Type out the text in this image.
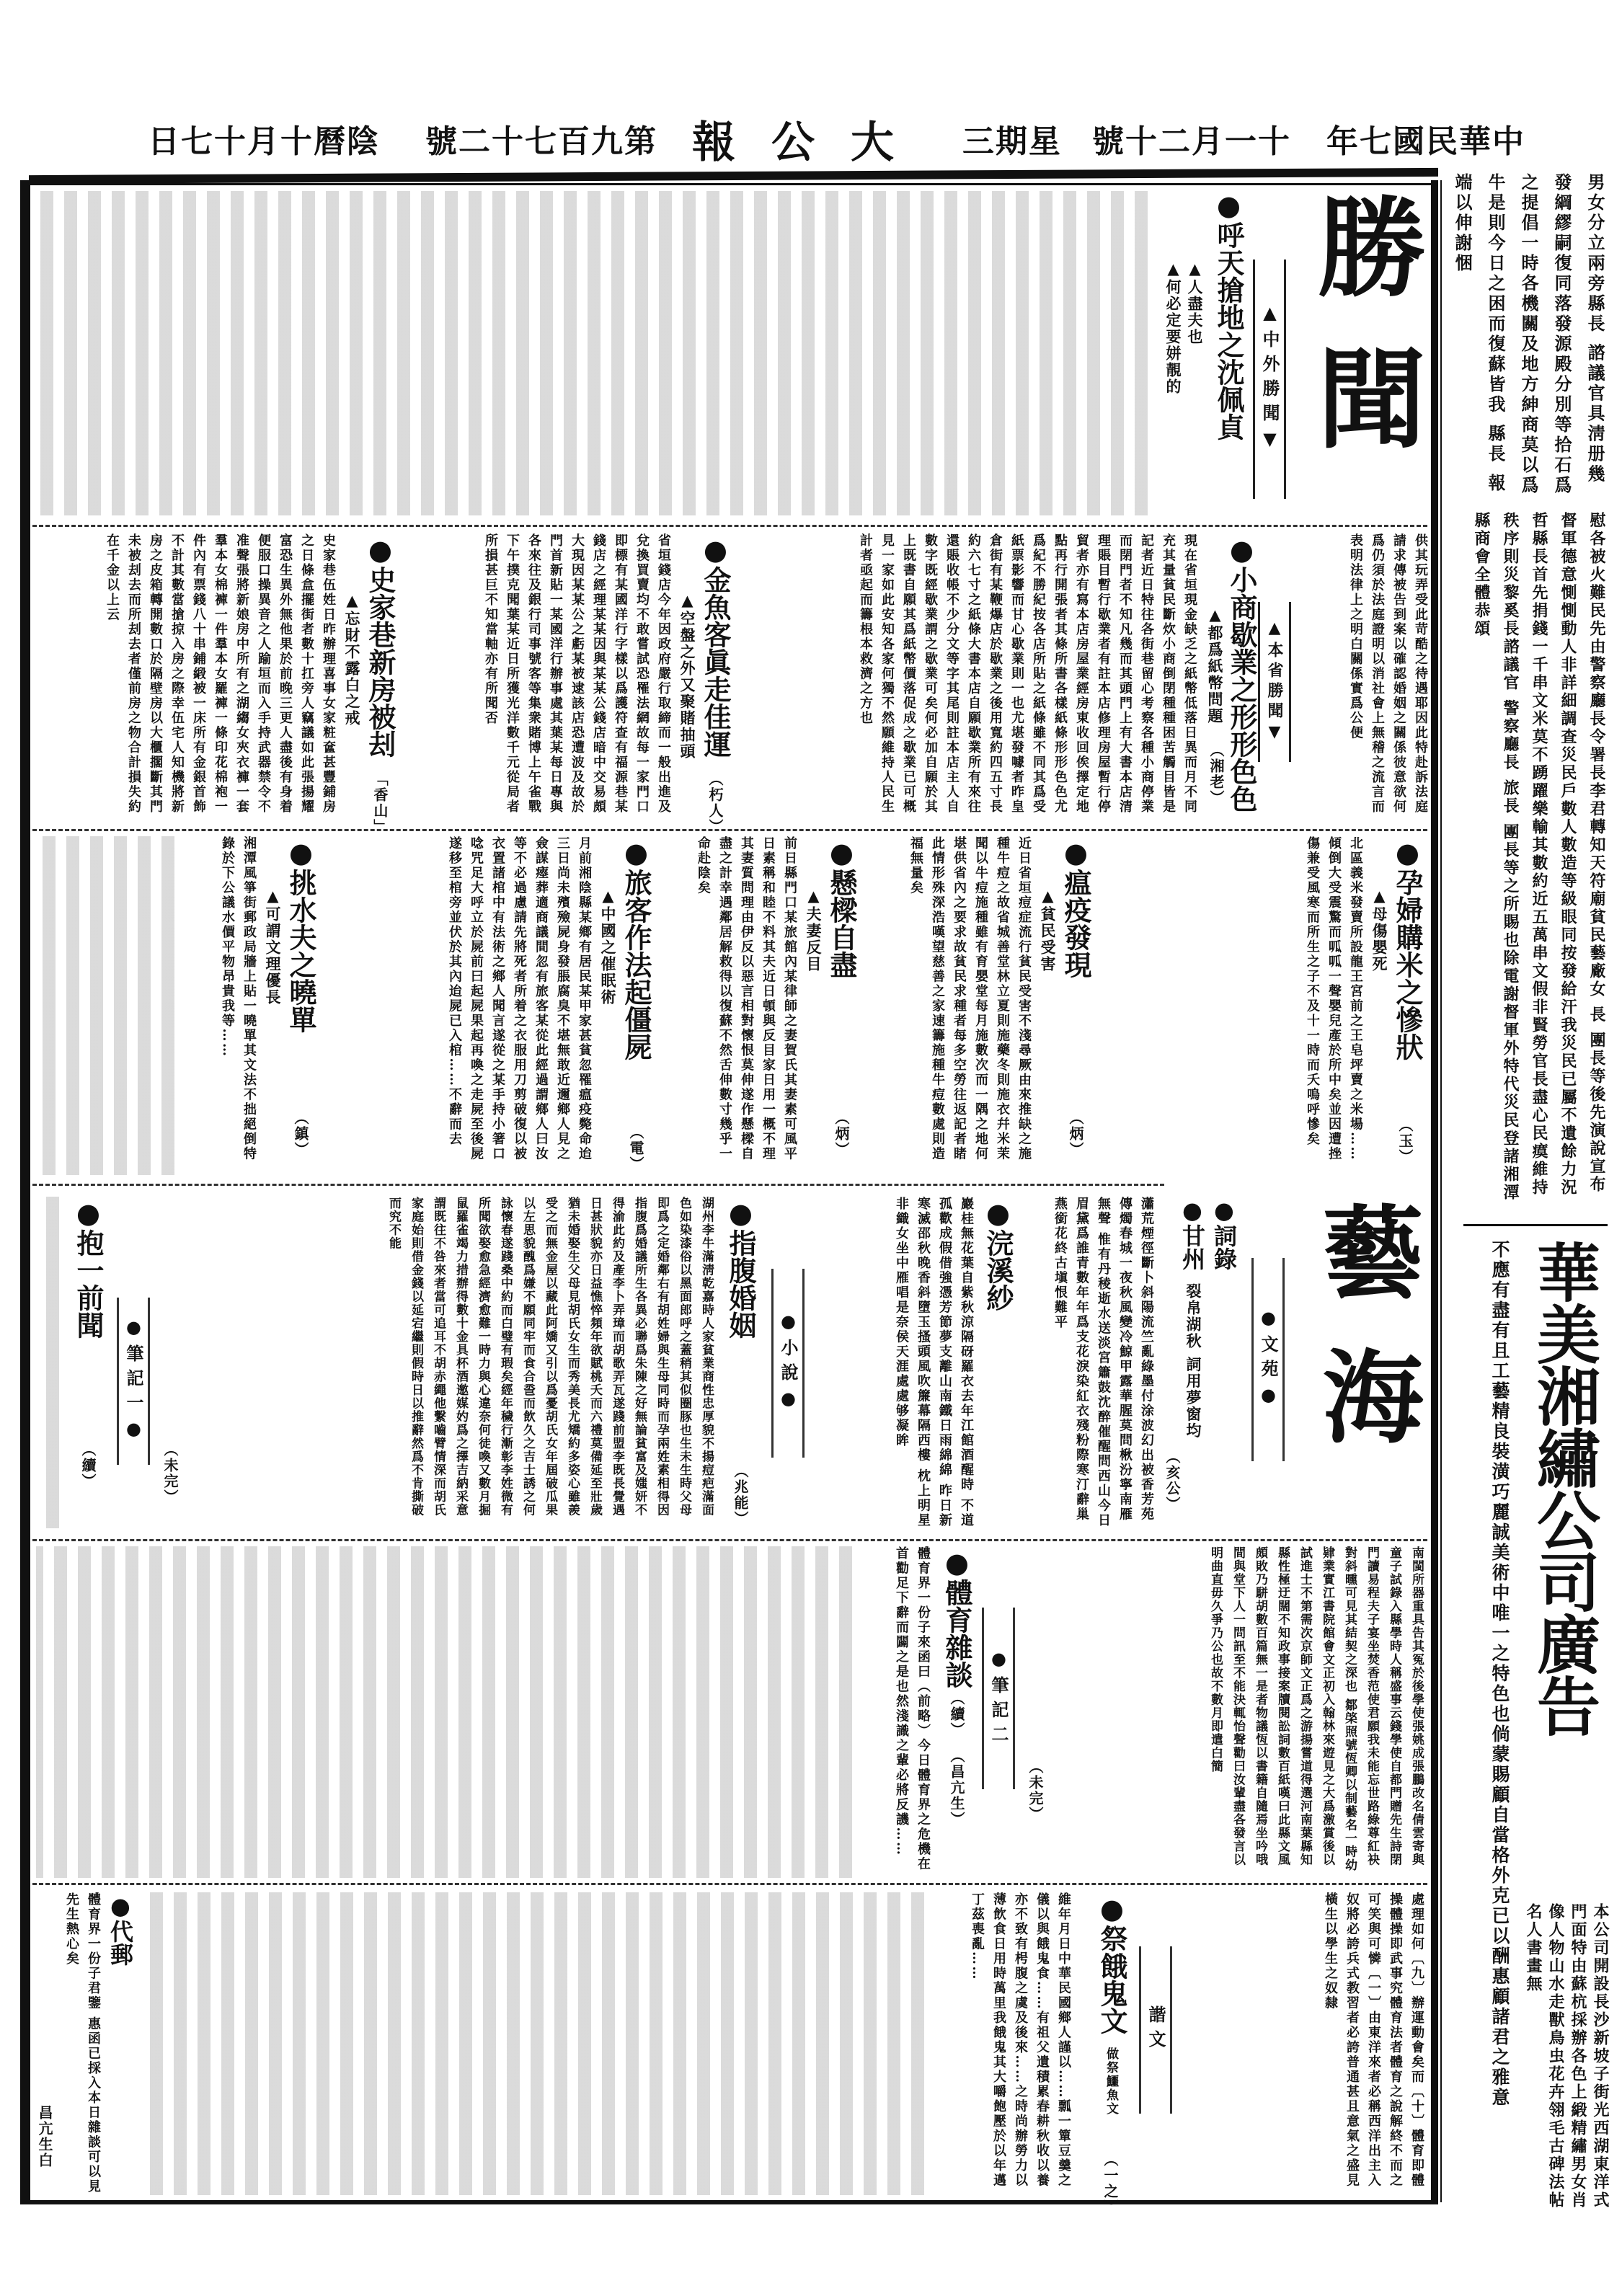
陰曆十月十七日 第九百七十二號 大公報 星期三 十一月二十號 中華民國七年
男女分立兩旁縣長 諮議官具淸册幾發綱繆嗣復同落發源殿分別等拾石爲之提倡一時各機關及地方紳商莫以爲牛是則今日之困而復蘇皆我 縣長 報端以伸謝悃
慰各被火難民先由警察廳長令署長李君轉知天符廟貧民藝廠女 長 團長等後先演說宣布 督軍德意惻惻動人非詳細調查災民戶數人數造等級眼同按發給汗我災民已屬不遺餘力況 哲縣長首先捐錢一千串文米莫不踴躍樂輸其數約近五萬串文假非賢勞官長盡心民瘼維持秩序則災黎奚長諮議官 警察廳長 旅長 團長等之所賜也除電謝督軍外特代災民登諸湘潭縣商會全體恭頌
華美湘繡公司廣告
不應有盡有且工藝精良裝潢巧麗誠美術中唯一之特色也倘蒙賜顧自當格外克已以酬惠顧諸君之雅意	本公司開設長沙新坡子街光西湖東洋式門面特由蘇杭採辦各色上緞精繡男女肖像人物山水走獸鳥虫花卉翎毛古碑法帖名人書畫無
勝聞
▲中外勝聞▼
●呼天搶地之沈佩貞
▲人盡夫也
▲何必定要姘靚的
供其玩弄受此苛酷之待遇耶因此特赴訴法庭請求傳被告到案以確認婚姻之關係彼意欲何爲仍須於法庭證明以消社會上無稽之流言而表明法律上之明白關係實爲公便
▲本省勝聞▼
●小商歇業之形形色色
▲都爲紙幣問題
（湘老）
現在省垣現金缺乏之紙幣低落日異而月不同充其量貧民斷炊小商倒閉種種困苦觸目皆是記者近日特往各街巷留心考察各種小商停業而閉門者不知凡幾而其頭門上有大書本店清理賬目暫行歇業者有註本店修理房屋暫行停貿者亦有寫本店房屋業經房東收回俟擇定地點再行開張者其條所書各樣紙條形形色色尤爲紀不勝紀按各店所貼之紙條雖不同其爲受紙票影響而甘心歇業則一也尤堪發噱者昨皇倉街有某鞭爆店於歇業之後用寬約四五寸長約六七寸之紙條大書本店自願歇業所有來往還賬收帳不少分文等字其尾則註本店主人自數字既經歇業謂之歇業可矣何必加自願於其上既書自願其爲紙幣價落促成之歇業已可概見一家如此安知各家何獨不然願維持人民生計者亟起而籌根本救濟之方也
●金魚客眞走佳運
▲空盤之外又聚賭抽頭
（朽人）
省垣錢店今年因政府嚴行取締而一般出進及兌換買賣均不敢嘗試恐罹法網故每一家門口即標有某國洋行字樣以爲護符查有福源巷某錢店之經理某某因與某某公錢店暗中交易頗大現因某某公之虧某被逮該店恐遭波及故於門首新貼一某國洋行辦事處其葉某每日專與各來往及銀行司事號客等集衆賭博上午雀戰下午撲克聞葉某近日所獲光洋數千元從局者所損甚巨不知當軸亦有所聞否
●史家巷新房被刦
▲忘財不露白之戒
「香山」
史家巷伍姓日昨辦理喜事女家粧奩甚豐鋪房之日條盒擺街者數十扛旁人竊議如此張揚耀富恐生異外無他果於前晚三更人盡後有身着便服口操異音之人踰垣而入手持武器禁令不准聲張將新娘房中所有之湖縐女夾衣褲一套羣本女棉褲一件羣本女羅褲一條印花棉袍一件內有票錢八十串鋪緞被一床所有金銀首飾不計其數當搶掠入房之際幸伍宅人知機將新房之皮箱轉開數口於隔壁房以大櫃擱斷其門未被刦去而所刦去者僅前房之物合計損失約在千金以上云
●孕婦購米之慘狀
▲母傷嬰死
（玉）
北區義米發賣所設龍王宮前之王皂坪賣之米場……傾倒大受震驚而呱呱一聲嬰兒產於所中矣並因遭挫傷兼受風寒而所生之子不及十一時而夭嗚呼慘矣
●瘟疫發現
▲貧民受害
（炳）
近日省垣痘症流行貧民受害不淺尋厥由來推缺之施種牛痘之故省城善堂林立夏則施藥冬則施衣幷米茉聞以牛痘施種雖有育嬰堂每月施數次而一隅之地何堪供省內之要求故貧民求種者每多空勞往返記者睹此情形殊深浩嘆望慈善之家速籌施種牛痘數處則造福無量矣
●懸樑自盡
▲夫妻反目
（炳）
前日縣門口某旅館內某律師之妻賀氏其妻素可風平日素稱和睦不料其夫近日頓與反目家日用一概不理其妻質問理由伊反以惡言相對懷恨莫伸遂作懸樑自盡之計幸遇鄰居解救得以復蘇不然舌伸數寸幾乎一命赴陰矣
●旅客作法起僵屍
▲中國之催眠術
（電）
月前湘陰縣某鄉有居民某甲家甚貧忽罹瘟疫斃命迨三日尚未殯殮屍身發脹腐臭不堪無敢近邇鄉人見之僉謀瘞葬適商議間忽有旅客某從此經過謂鄉人曰汝等不必過慮請先將死者所着之衣服用刀剪破復以被衣置諸棺中有法術之鄉人聞言遂從之某手持小箸口唸咒足大呼立於屍前曰起屍果起再喚之走屍至後屍遂移至棺旁並伏於其內迨屍已入棺……不辭而去
●挑水夫之曉單
▲可謂文理優長
（鎮）
湘潭風箏街郵政局牆上貼一曉單其文法不拙絕倒特錄於下公議水價平物昂貴我等……
藝海
●文苑●
●詞錄
●甘州
裂帛湖秋 詞用夢窗均
（亥公）
瀟荒煙徑斷卜斜陽流竺亂綠墨付涂波幻出被香芳苑傳燭春城一夜秋風變冷鯨甲露華腥莫問楸汾寧南雁無聲 惟有丹稜逝水送淡宮簫鼓沈醉催醒問西山今日眉黛爲誰青數年年爲支花淚染紅衣殘粉際寒汀辭巢燕銜花終古塡恨難平
●浣溪紗
巖桂無花葉自紫秋涼隔砑羅衣去年江館酒醒時 不道孤歡成假借強憑芳節夢支離山南鐵日雨綿綿 昨日新寒滅邵秋晚香斜墮玉搔頭風吹簾幕隔西樓 枕上明星非織女坐中雁唱是奈侯天涯處處够凝眸
●小說●
●指腹婚姻
（兆能）
湖州李牛滿淸乾嘉時人家貧業商性忠厚貌不揚痘疤滿面色如染漆俗以黑面郎呼之蓋稍其似圈豚也生未生時父母即爲之定婚鄰右有胡姓婦與生母同時而孕兩姓素相得因指腹爲婚議所生各異必聯爲朱陳之好無論貧富及媸妍不得渝此約及產李卜弄璋而胡歌弄瓦遂踐前盟李既長覺遇日甚狀貌亦日益憔悴頻年欲賦桃夭而六禮莫備延至壯歲猶未婚娶生父母見胡氏女生而秀美長尤矯約多姿心雖羨受之而無金屋以藏此阿嬌又引以爲憂胡氏女年屆破瓜果以左思貌醜爲嫌不願同牢而食合巹而飲久之吉士誘之何詠懷春遂踐桑中約而白璧有瑕矣經年穢行漸彰李姓微有所聞欲娶愈急經濟愈難一時力與心違奈何徒喚又數月掘鼠羅雀竭力措辦得數十金具杯酒邀媒妁爲之擇吉納采意謂既往不咎來者當可追耳不胡赤繩他繫嚙臂情深而胡氏家庭始則借金錢以延宕繼則假時日以推辭然爲不肯撕破而究不能
（未完）
●筆記一●
●抱一前聞
（續）
南閩所器重具告其冤於後學使張姚成張鵬改名倩雲寄與童子試錄入縣學時人稱盛事云錢學使自都門贈先生詩閉門讀易程夫子宴坐焚香范使君願我未能忘世路綠尊紅袂對斜曛可見其結契之深也 鄒棨照號恆卿以制藝名一時幼肄業實江書院館會文正初入翰林來遊見之大爲激賞後以試進士不第需次京師文正爲之游揚嘗道得選河南葉縣知縣性極迂闊不知政事接案牘閱訟詞數百紙嘆曰此縣文風頗敗乃駢胡數百篇無一是者物議恆以書籍自隨焉坐吟哦間與堂下人一問訊至不能決輒怡聲勸曰汝輩盡各發言以明曲直毋久爭乃公也故不數月即遣白簡
（未完）
●筆記二
●體育雜談
（續）
（昌亢生）
體育界一份子來函曰（前略）今日體育界之危機在首勸足下辭而闢之是也然淺識之輩必將反譏……
處理如何〔九〕辦運動會矣而〔十〕體育即體操體操即武事究體育法者體育之說解終不而之可笑與可憐〔一〕由東洋來者必稱西洋出主入奴將必誇兵式教習者必誇普通甚且意氣之盛見橫生以學生之奴隸
諧文
●祭餓鬼文
做祭鱷魚文
（一之）
維年月日中華民國鄉人謹以……瓢一簞豆羹之儀以與餓鬼食……有祖父遺積累春耕秋收以養亦不致有枵腹之虞及後來……之時尚辦勞力以薄飲食日用時萬里我餓鬼其大嚼飽壓於以年邁丁茲喪亂……
●代郵
體育界一份子君鑒 惠函已採入本日雜談可以見先生熱心矣
昌亢生白
